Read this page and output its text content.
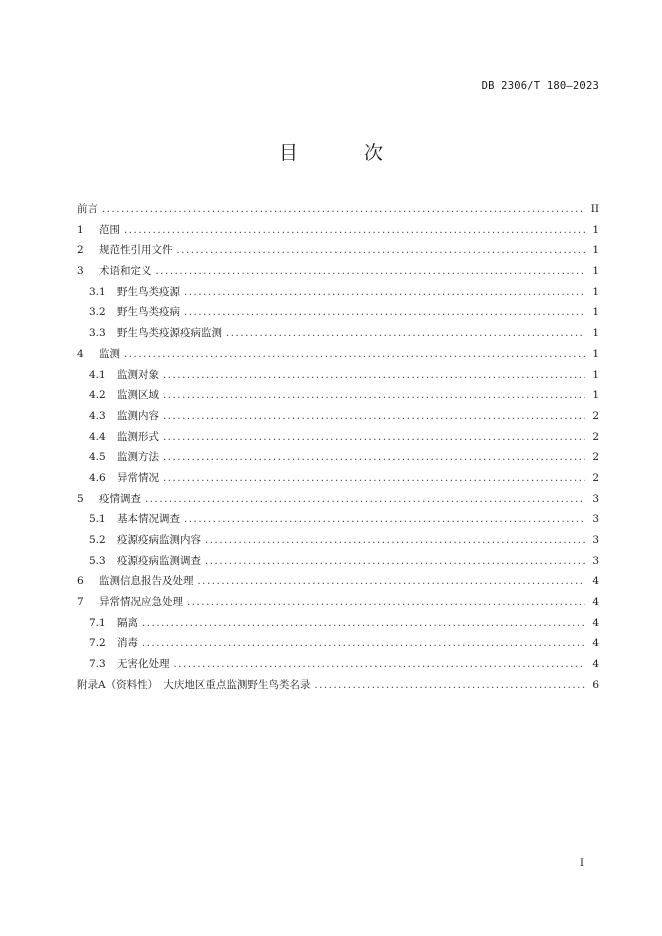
DB 2306/T 180—2023
目 次
前言 .....	II
1	范围 .....	1
2	规范性引用文件 .....	1
3	术语和定义 .....	1
3.1	野生鸟类疫源 .....	1
3.2	野生鸟类疫病 .....	1
3.3	野生鸟类疫源疫病监测 .....	1
4	监测 .....	1
4.1	监测对象 .....	1
4.2	监测区域 .....	1
4.3	监测内容 .....	2
4.4	监测形式 .....	2
4.5	监测方法 .....	2
4.6	异常情况 .....	2
5	疫情调查 .....	3
5.1	基本情况调查 .....	3
5.2	疫源疫病监测内容 .....	3
5.3	疫源疫病监测调查 .....	3
6	监测信息报告及处理 .....	4
7	异常情况应急处理 .....	4
7.1	隔离 .....	4
7.2	消毒 .....	4
7.3	无害化处理 .....	4
附录A（资料性）　大庆地区重点监测野生鸟类名录 .....	6
I
